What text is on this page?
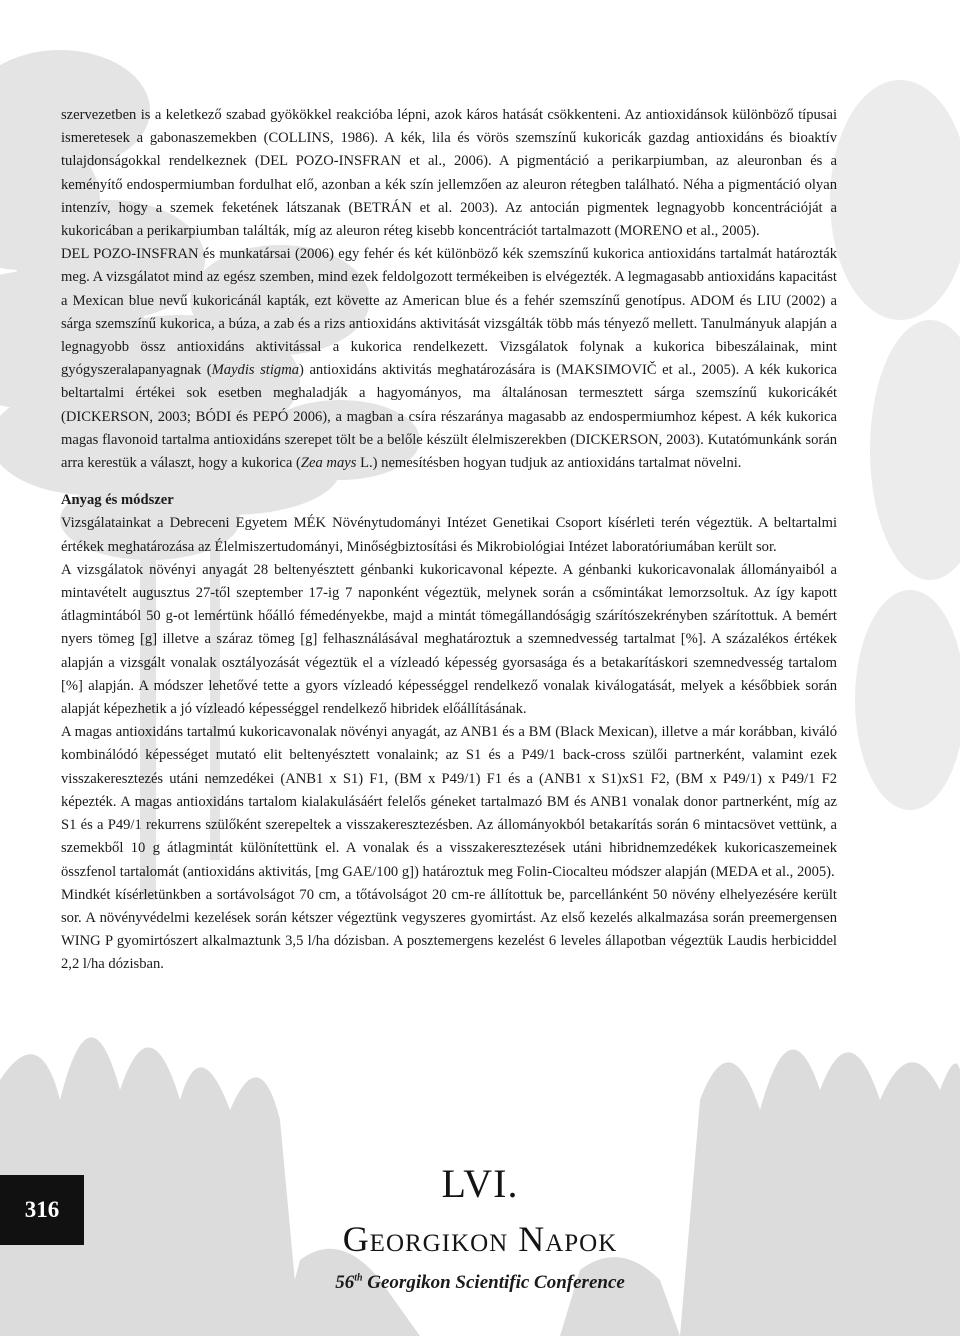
szervezetben is a keletkező szabad gyökökkel reakcióba lépni, azok káros hatását csökkenteni. Az antioxidánsok különböző típusai ismeretesek a gabonaszemekben (COLLINS, 1986). A kék, lila és vörös szemszínű kukoricák gazdag antioxidáns és bioaktív tulajdonságokkal rendelkeznek (DEL POZO-INSFRAN et al., 2006). A pigmentáció a perikarpiumban, az aleuronban és a keményítő endospermiumban fordulhat elő, azonban a kék szín jellemzően az aleuron rétegben található. Néha a pigmentáció olyan intenzív, hogy a szemek feketének látszanak (BETRÁN et al. 2003). Az antocián pigmentek legnagyobb koncentrációját a kukoricában a perikarpiumban találták, míg az aleuron réteg kisebb koncentrációt tartalmazott (MORENO et al., 2005).

DEL POZO-INSFRAN és munkatársai (2006) egy fehér és két különböző kék szemszínű kukorica antioxidáns tartalmát határozták meg. A vizsgálatot mind az egész szemben, mind ezek feldolgozott termékeiben is elvégezték. A legmagasabb antioxidáns kapacitást a Mexican blue nevű kukoricánál kapták, ezt követte az American blue és a fehér szemszínű genotípus. ADOM és LIU (2002) a sárga szemszínű kukorica, a búza, a zab és a rizs antioxidáns aktivitását vizsgálták több más tényező mellett. Tanulmányuk alapján a legnagyobb össz antioxidáns aktivitással a kukorica rendelkezett. Vizsgálatok folynak a kukorica bibeszálainak, mint gyógyszeralapanyagnak (Maydis stigma) antioxidáns aktivitás meghatározására is (MAKSIMOVIČ et al., 2005). A kék kukorica beltartalmi értékei sok esetben meghaladják a hagyományos, ma általánosan termesztett sárga szemszínű kukoricákét (DICKERSON, 2003; BÓDI és PEPÓ 2006), a magban a csíra részaránya magasabb az endospermiumhoz képest. A kék kukorica magas flavonoid tartalma antioxidáns szerepet tölt be a belőle készült élelmiszerekben (DICKERSON, 2003). Kutatómunkánk során arra kerestük a választ, hogy a kukorica (Zea mays L.) nemesítésben hogyan tudjuk az antioxidáns tartalmat növelni.

Anyag és módszer

Vizsgálatainkat a Debreceni Egyetem MÉK Növénytudományi Intézet Genetikai Csoport kísérleti terén végeztük. A beltartalmi értékek meghatározása az Élelmiszertudományi, Minőségbiztosítási és Mikrobiológiai Intézet laboratóriumában került sor.

A vizsgálatok növényi anyagát 28 beltenyésztett génbanki kukoricavonal képezte. A génbanki kukoricavonalak állományaiból a mintavételt augusztus 27-től szeptember 17-ig 7 naponként végeztük, melynek során a csőmintákat lemorzsoltuk. Az így kapott átlagmintából 50 g-ot lemértünk hőálló fémedényekbe, majd a mintát tömegállandóságig szárítószekrényben szárítottuk. A bemért nyers tömeg [g] illetve a száraz tömeg [g] felhasználásával meghatároztuk a szemnedvesség tartalmat [%]. A százalékos értékek alapján a vizsgált vonalak osztályozását végeztük el a vízleadó képesség gyorsasága és a betakarításkori szemnedvesség tartalom [%] alapján. A módszer lehetővé tette a gyors vízleadó képességgel rendelkező vonalak kiválogatását, melyek a későbbiek során alapját képezhetik a jó vízleadó képességgel rendelkező hibridek előállításának.

A magas antioxidáns tartalmú kukoricavonalak növényi anyagát, az ANB1 és a BM (Black Mexican), illetve a már korábban, kiváló kombinálódó képességet mutató elit beltenyésztett vonalaink; az S1 és a P49/1 back-cross szülői partnerként, valamint ezek visszakeresztezés utáni nemzedékei (ANB1 x S1) F1, (BM x P49/1) F1 és a (ANB1 x S1)xS1 F2, (BM x P49/1) x P49/1 F2 képezték. A magas antioxidáns tartalom kialakulásáért felelős géneket tartalmazó BM és ANB1 vonalak donor partnerként, míg az S1 és a P49/1 rekurrens szülőként szerepeltek a visszakeresztezésben. Az állományokból betakarítás során 6 mintacsövet vettünk, a szemekből 10 g átlagmintát különítettünk el. A vonalak és a visszakeresztezések utáni hibridnemzedékek kukoricaszemeinek összfenol tartalomát (antioxidáns aktivitás, [mg GAE/100 g]) határoztuk meg Folin-Ciocalteu módszer alapján (MEDA et al., 2005).

Mindkét kísérletünkben a sortávolságot 70 cm, a tőtávolságot 20 cm-re állítottuk be, parcellánként 50 növény elhelyezésére került sor. A növényvédelmi kezelések során kétszer végeztünk vegyszeres gyomirtást. Az első kezelés alkalmazása során preemergensen WING P gyomirtószert alkalmaztunk 3,5 l/ha dózisban. A posztemergens kezelést 6 leveles állapotban végeztük Laudis herbiciddel 2,2 l/ha dózisban.

316
LVI.
Georgikon Napok
56th Georgikon Scientific Conference
